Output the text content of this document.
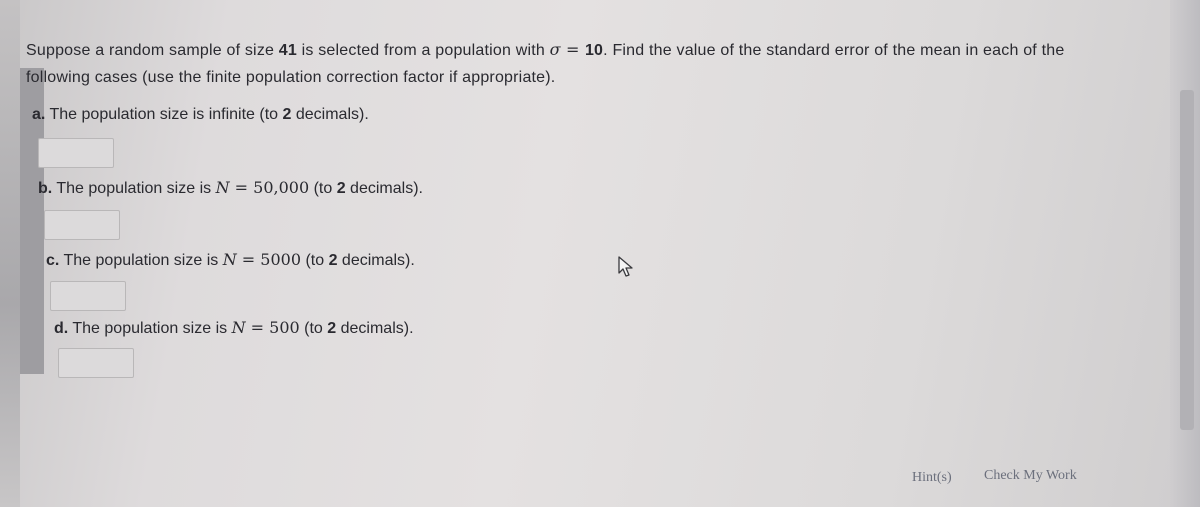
Suppose a random sample of size 41 is selected from a population with σ = 10. Find the value of the standard error of the mean in each of the
following cases (use the finite population correction factor if appropriate).
a. The population size is infinite (to 2 decimals).
b. The population size is N = 50,000 (to 2 decimals).
c. The population size is N = 5000 (to 2 decimals).
d. The population size is N = 500 (to 2 decimals).
Hint(s) Check My Work
